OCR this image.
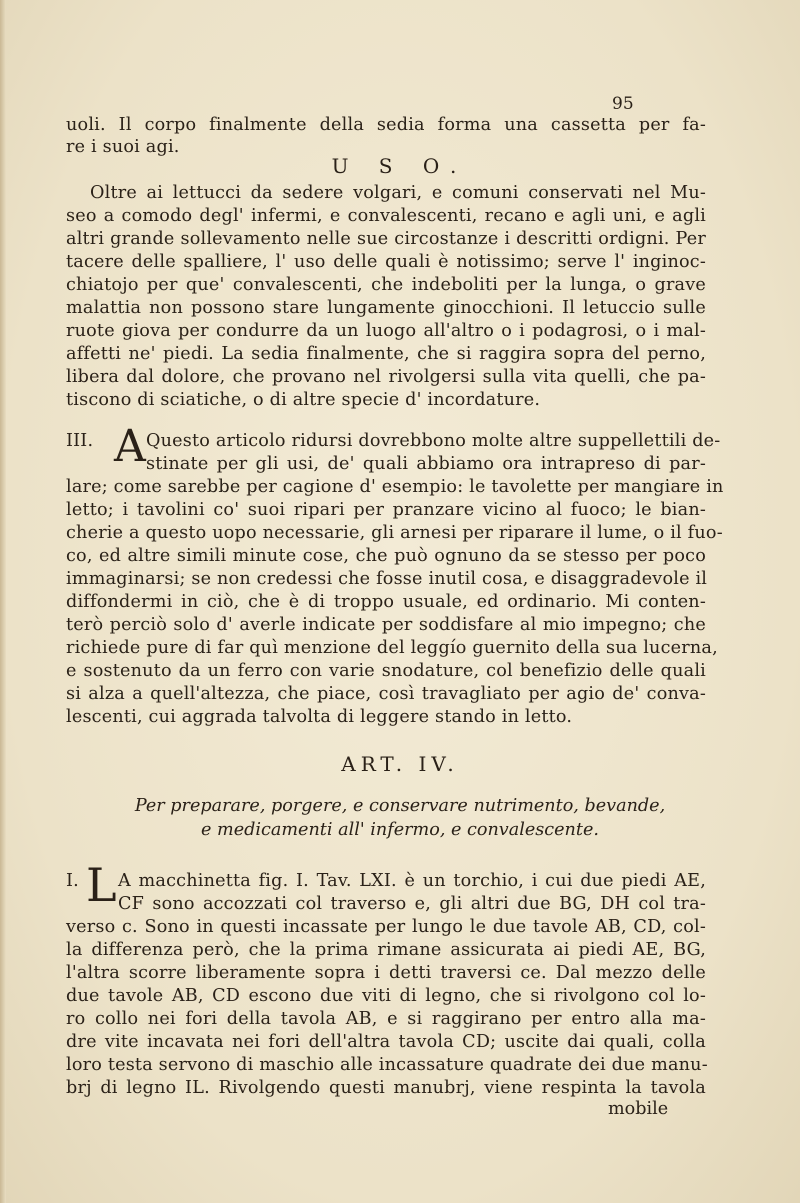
95
uoli. Il corpo finalmente della sedia forma una cassetta per fa-
re i suoi agi.
U S O.
Oltre ai lettucci da sedere volgari, e comuni conservati nel Mu-
seo a comodo degl' infermi, e convalescenti, recano e agli uni, e agli
altri grande sollevamento nelle sue circostanze i descritti ordigni. Per
tacere delle spalliere, l' uso delle quali è notissimo; serve l' inginoc-
chiatojo per que' convalescenti, che indeboliti per la lunga, o grave
malattia non possono stare lungamente ginocchioni. Il letuccio sulle
ruote giova per condurre da un luogo all'altro o i podagrosi, o i mal-
affetti ne' piedi. La sedia finalmente, che si raggira sopra del perno,
libera dal dolore, che provano nel rivolgersi sulla vita quelli, che pa-
tiscono di sciatiche, o di altre specie d' incordature.
III. A Questo articolo ridursi dovrebbono molte altre suppellettili de-
stinate per gli usi, de' quali abbiamo ora intrapreso di par-
lare; come sarebbe per cagione d' esempio: le tavolette per mangiare in
letto; i tavolini co' suoi ripari per pranzare vicino al fuoco; le bian-
cherie a questo uopo necessarie, gli arnesi per riparare il lume, o il fuo-
co, ed altre simili minute cose, che può ognuno da se stesso per poco
immaginarsi; se non credessi che fosse inutil cosa, e disaggradevole il
diffondermi in ciò, che è di troppo usuale, ed ordinario. Mi conten-
terò perciò solo d' averle indicate per soddisfare al mio impegno; che
richiede pure di far quì menzione del leggío guernito della sua lucerna,
e sostenuto da un ferro con varie snodature, col benefizio delle quali
si alza a quell'altezza, che piace, così travagliato per agio de' conva-
lescenti, cui aggrada talvolta di leggere stando in letto.
ART. IV.
Per preparare, porgere, e conservare nutrimento, bevande,
e medicamenti all' infermo, e convalescente.
I. L A macchinetta fig. I. Tav. LXI. è un torchio, i cui due piedi AE,
CF sono accozzati col traverso e, gli altri due BG, DH col tra-
verso c. Sono in questi incassate per lungo le due tavole AB, CD, col-
la differenza però, che la prima rimane assicurata ai piedi AE, BG,
l'altra scorre liberamente sopra i detti traversi ce. Dal mezzo delle
due tavole AB, CD escono due viti di legno, che si rivolgono col lo-
ro collo nei fori della tavola AB, e si raggirano per entro alla ma-
dre vite incavata nei fori dell'altra tavola CD; uscite dai quali, colla
loro testa servono di maschio alle incassature quadrate dei due manu-
brj di legno IL. Rivolgendo questi manubrj, viene respinta la tavola
mobile
